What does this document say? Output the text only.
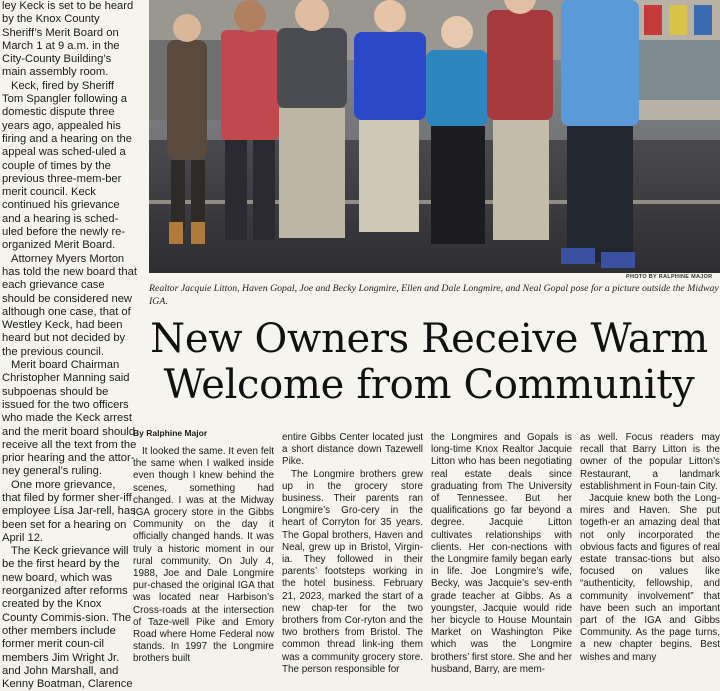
ley Keck is set to be heard by the Knox County Sheriff’s Merit Board on March 1 at 9 a.m. in the City-County Building’s main assembly room.

Keck, fired by Sheriff Tom Spangler following a domestic dispute three years ago, appealed his firing and a hearing on the appeal was sched-uled a couple of times by the previous three-mem-ber merit council. Keck continued his grievance and a hearing is sched-uled before the newly re-organized Merit Board.

Attorney Myers Morton has told the new board that each grievance case should be considered new although one case, that of Westley Keck, had been heard but not decided by the previous council.

Merit board Chairman Christopher Manning said subpoenas should be issued for the two officers who made the Keck arrest and the merit board should receive all the text from the prior hearing and the attor-ney general’s ruling.

One more grievance, that filed by former sher-iff employee Lisa Jar-rell, has been set for a hearing on April 12.

The Keck grievance will be the first heard by the new board, which was reorganized after reforms created by the Knox County Commis-sion. The other members include former merit coun-cil members Jim Wright Jr. and John Marshall, and Kenny Boatman, Clarence

PHOTO BY RALPHINE MAJOR
Realtor Jacquie Litton, Haven Gopal, Joe and Becky Longmire, Ellen and Dale Longmire, and Neal Gopal pose for a picture outside the Midway IGA.
New Owners Receive Warm
Welcome from Community
By Ralphine Major

It looked the same. It even felt the same when I walked inside even though I knew behind the scenes, something had changed. I was at the Midway IGA grocery store in the Gibbs Community on the day it officially changed hands. It was truly a historic moment in our rural community. On July 4, 1988, Joe and Dale Longmire pur-chased the original IGA that was located near Harbison’s Cross-roads at the intersection of Taze-well Pike and Emory Road where Home Federal now stands. In 1997 the Longmire brothers built

entire Gibbs Center located just a short distance down Tazewell Pike.

The Longmire brothers grew up in the grocery store business. Their parents ran Longmire’s Gro-cery in the heart of Corryton for 35 years. The Gopal brothers, Haven and Neal, grew up in Bristol, Virgin-ia. They followed in their parents’ footsteps working in the hotel business. February 21, 2023, marked the start of a new chap-ter for the two brothers from Cor-ryton and the two brothers from Bristol. The common thread link-ing them was a community grocery store. The person responsible for

the Longmires and Gopals is long-time Knox Realtor Jacquie Litton who has been negotiating real estate deals since graduating from The University of Tennessee. But her qualifications go far beyond a degree. Jacquie Litton cultivates relationships with clients. Her con-nections with the Longmire family began early in life. Joe Longmire’s wife, Becky, was Jacquie’s sev-enth grade teacher at Gibbs. As a youngster, Jacquie would ride her bicycle to House Mountain Market on Washington Pike which was the Longmire brothers’ first store. She and her husband, Barry, are mem-

as well. Focus readers may recall that Barry Litton is the owner of the popular Litton’s Restaurant, a landmark establishment in Foun-tain City.

Jacquie knew both the Long-mires and Haven. She put togeth-er an amazing deal that not only incorporated the obvious facts and figures of real estate transac-tions but also focused on values like “authenticity, fellowship, and community involvement” that have been such an important part of the IGA and Gibbs Community. As the page turns, a new chapter begins. Best wishes and many
